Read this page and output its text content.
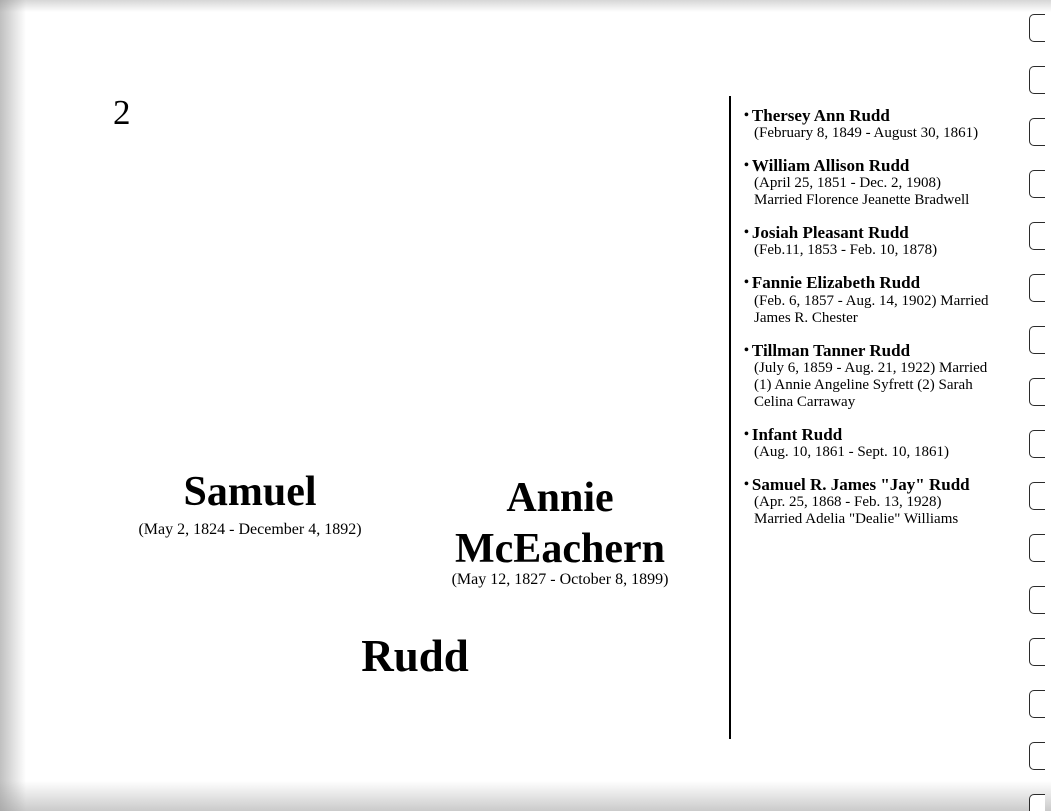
2
Samuel
(May 2, 1824 - December 4, 1892)
Annie McEachern
(May 12, 1827 - October 8, 1899)
Rudd
• Thersey Ann Rudd
(February 8, 1849 - August 30, 1861)
• William Allison Rudd
(April 25, 1851 - Dec. 2, 1908) Married Florence Jeanette Bradwell
• Josiah Pleasant Rudd
(Feb.11, 1853 - Feb. 10, 1878)
• Fannie Elizabeth Rudd
(Feb. 6, 1857 - Aug. 14, 1902) Married James R. Chester
• Tillman Tanner Rudd
(July 6, 1859 - Aug. 21, 1922) Married (1) Annie Angeline Syfrett (2) Sarah Celina Carraway
• Infant Rudd
(Aug. 10, 1861 - Sept. 10, 1861)
• Samuel R. James "Jay" Rudd
(Apr. 25, 1868 - Feb. 13, 1928) Married Adelia "Dealie" Williams
